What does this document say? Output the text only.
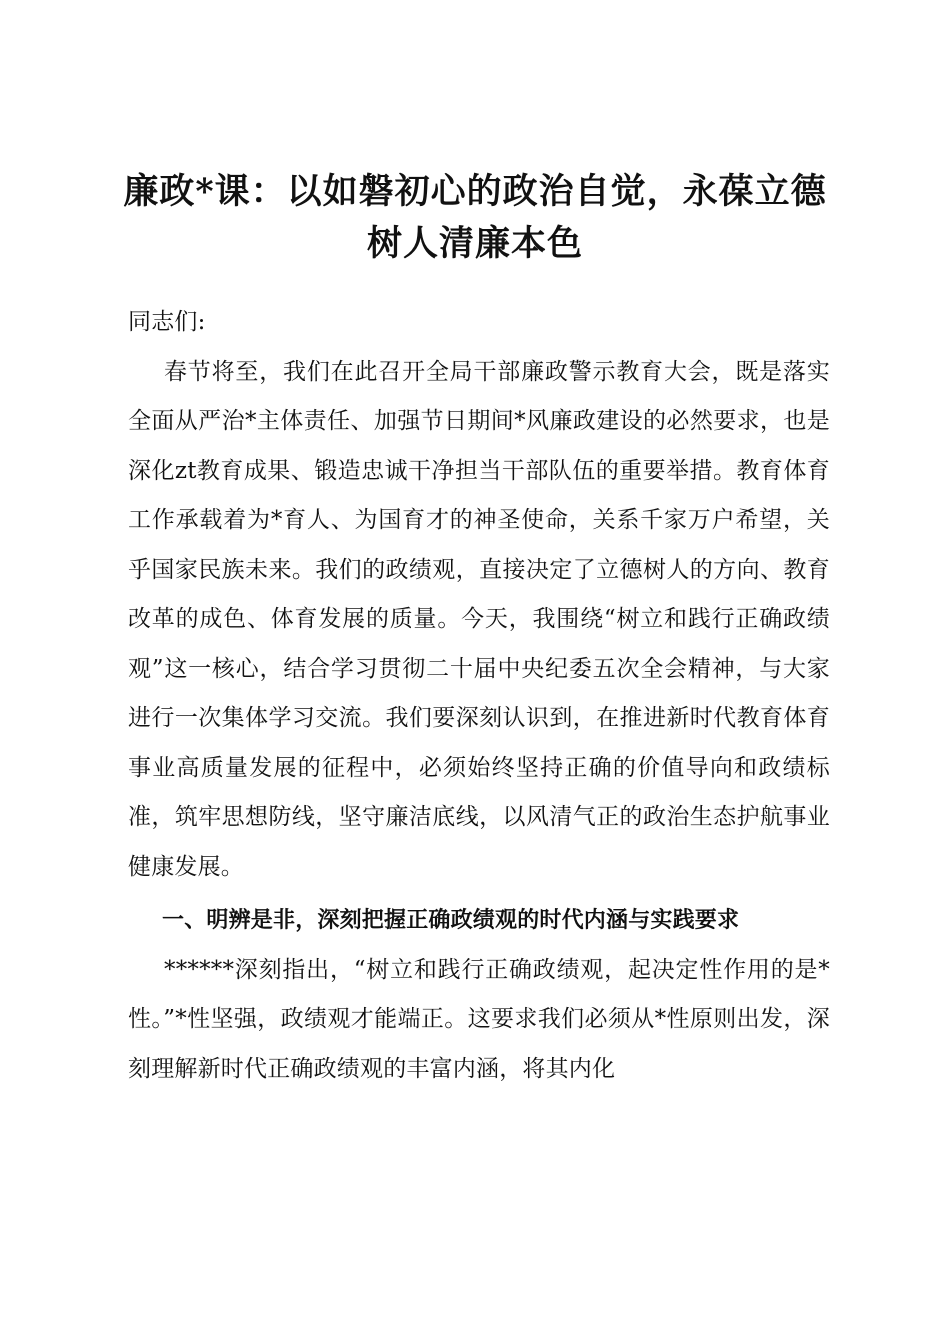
廉政*课：以如磐初心的政治自觉，永葆立德
树人清廉本色

同志们:

春节将至，我们在此召开全局干部廉政警示教育大会，既是落实全面从严治*主体责任、加强节日期间*风廉政建设的必然要求，也是深化zt教育成果、锻造忠诚干净担当干部队伍的重要举措。教育体育工作承载着为*育人、为国育才的神圣使命，关系千家万户希望，关乎国家民族未来。我们的政绩观，直接决定了立德树人的方向、教育改革的成色、体育发展的质量。今天，我围绕“树立和践行正确政绩观”这一核心，结合学习贯彻二十届中央纪委五次全会精神，与大家进行一次集体学习交流。我们要深刻认识到，在推进新时代教育体育事业高质量发展的征程中，必须始终坚持正确的价值导向和政绩标准，筑牢思想防线，坚守廉洁底线，以风清气正的政治生态护航事业健康发展。

一、明辨是非，深刻把握正确政绩观的时代内涵与实践要求

******深刻指出，“树立和践行正确政绩观，起决定性作用的是*性。”*性坚强，政绩观才能端正。这要求我们必须从*性原则出发，深刻理解新时代正确政绩观的丰富内涵，将其内化
